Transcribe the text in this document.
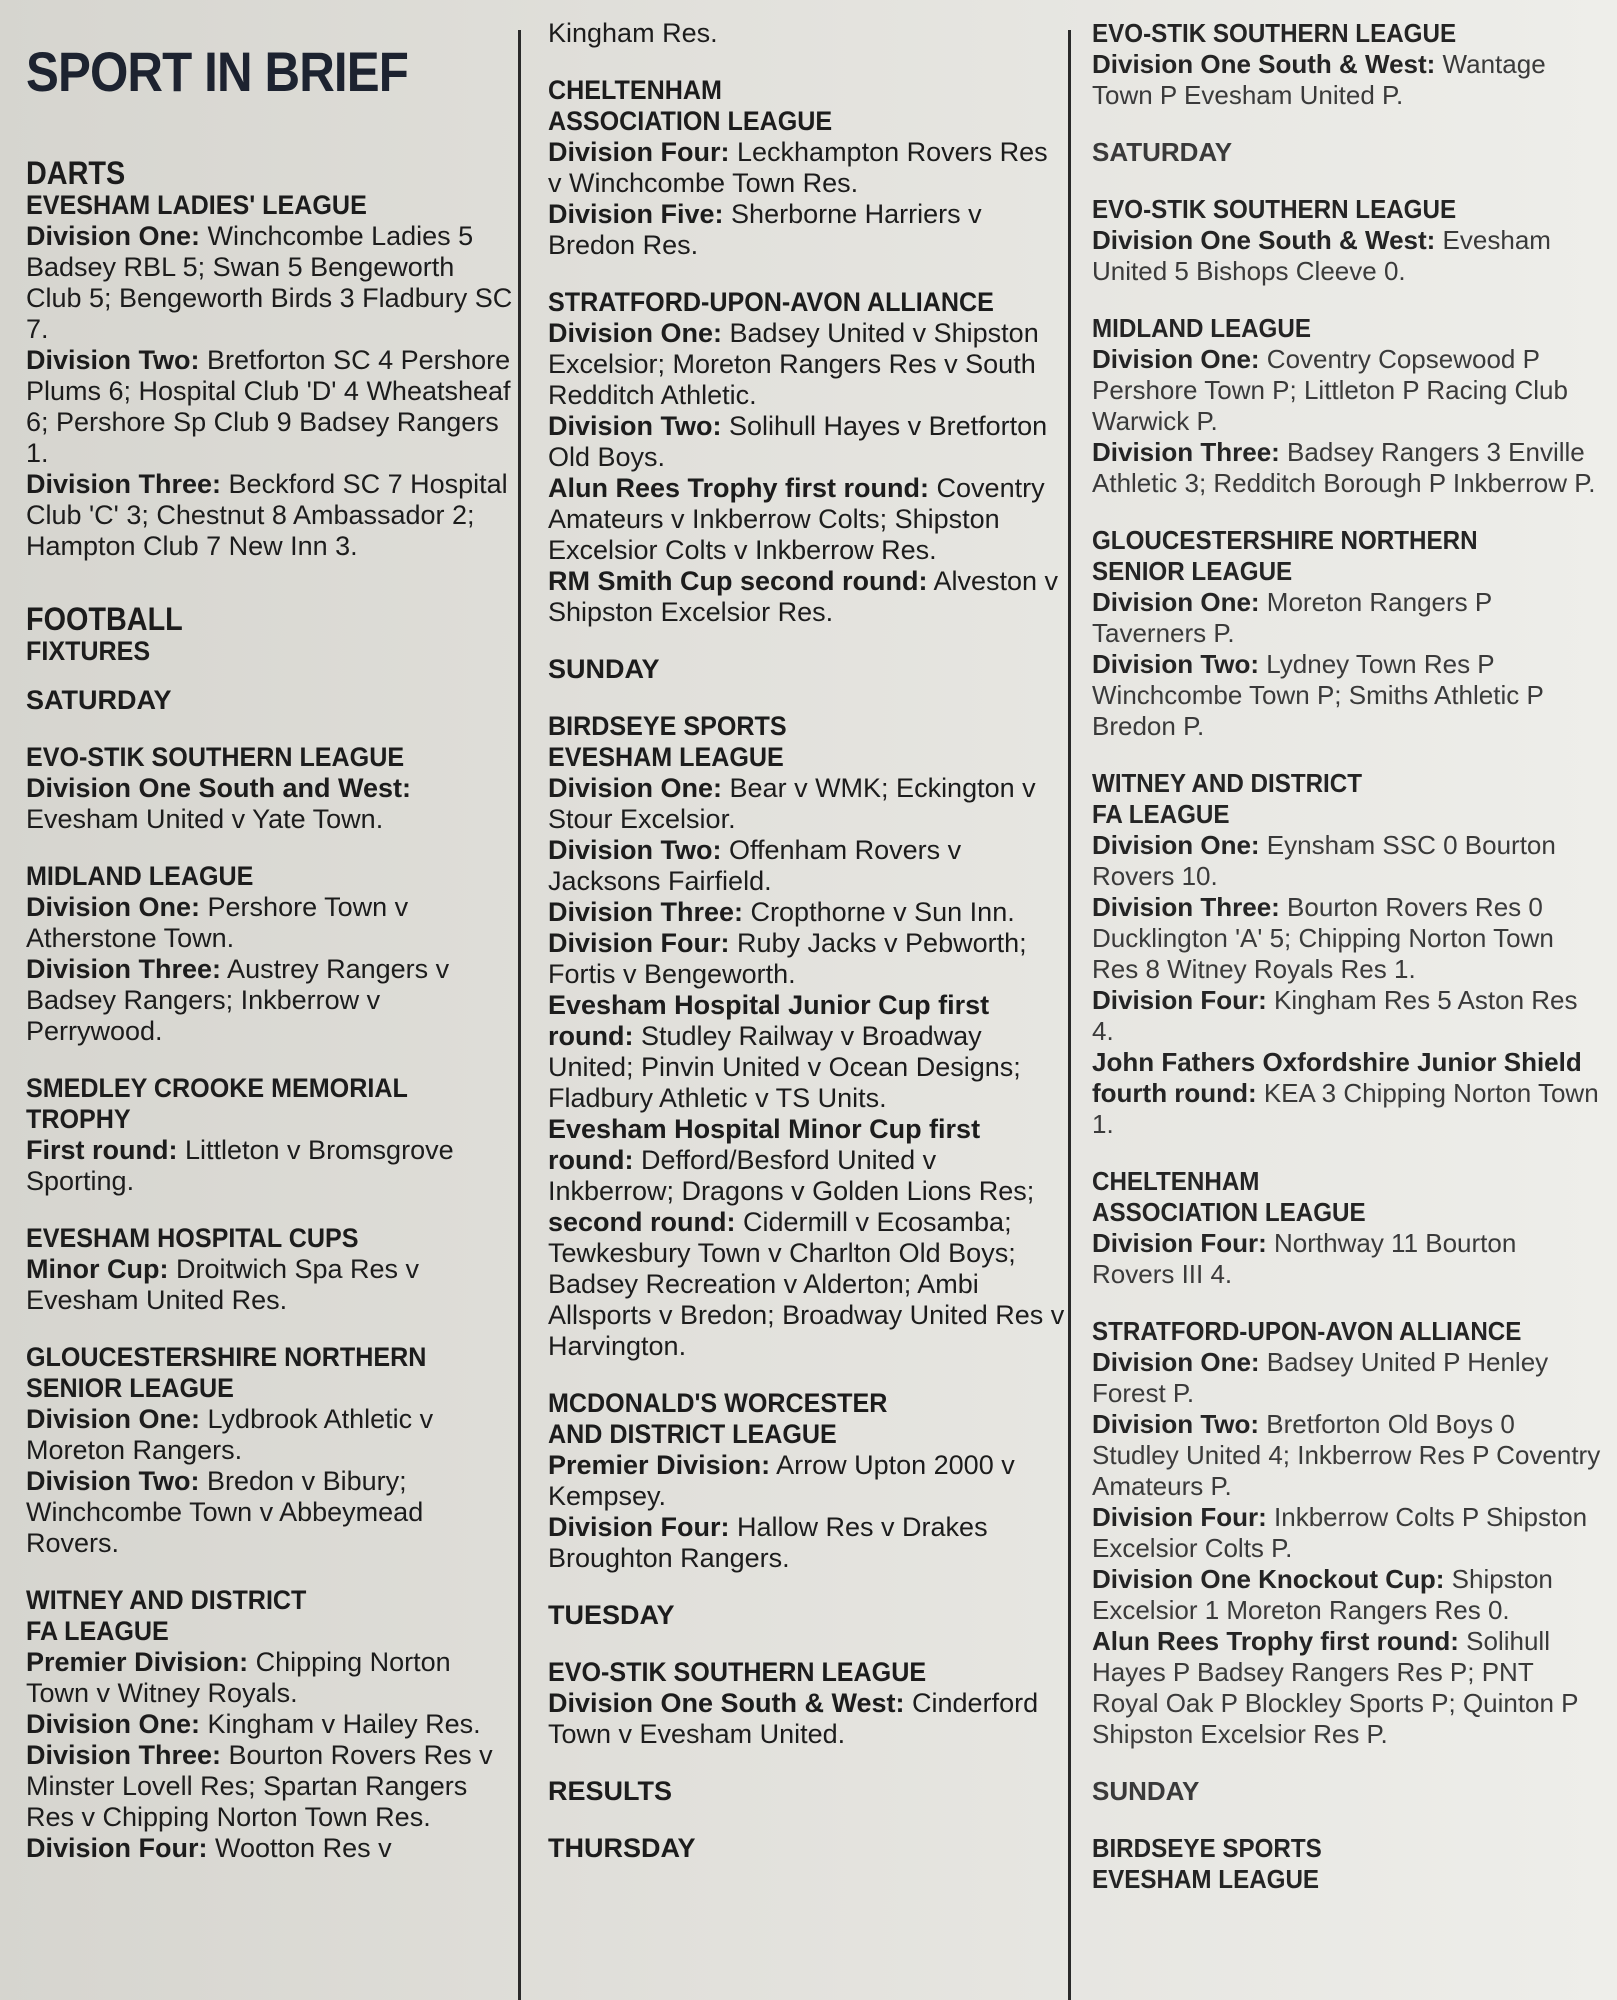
SPORT IN BRIEF
DARTS
EVESHAM LADIES' LEAGUE

Division One: Winchcombe Ladies 5 Badsey RBL 5; Swan 5 Bengeworth Club 5; Bengeworth Birds 3 Fladbury SC 7.

Division Two: Bretforton SC 4 Pershore Plums 6; Hospital Club 'D' 4 Wheatsheaf 6; Pershore Sp Club 9 Badsey Rangers 1.

Division Three: Beckford SC 7 Hospital Club 'C' 3; Chestnut 8 Ambassador 2; Hampton Club 7 New Inn 3.

FOOTBALL
FIXTURES
SATURDAY
EVO-STIK SOUTHERN LEAGUE

Division One South and West: Evesham United v Yate Town.

MIDLAND LEAGUE

Division One: Pershore Town v Atherstone Town.

Division Three: Austrey Rangers v Badsey Rangers; Inkberrow v Perrywood.

SMEDLEY CROOKE MEMORIAL
TROPHY

First round: Littleton v Bromsgrove Sporting.

EVESHAM HOSPITAL CUPS

Minor Cup: Droitwich Spa Res v Evesham United Res.

GLOUCESTERSHIRE NORTHERN
SENIOR LEAGUE

Division One: Lydbrook Athletic v Moreton Rangers.

Division Two: Bredon v Bibury; Winchcombe Town v Abbeymead Rovers.

WITNEY AND DISTRICT
FA LEAGUE

Premier Division: Chipping Norton Town v Witney Royals.

Division One: Kingham v Hailey Res.

Division Three: Bourton Rovers Res v Minster Lovell Res; Spartan Rangers Res v Chipping Norton Town Res.

Division Four: Wootton Res v

Kingham Res.

CHELTENHAM
ASSOCIATION LEAGUE

Division Four: Leckhampton Rovers Res v Winchcombe Town Res.

Division Five: Sherborne Harriers v Bredon Res.

STRATFORD-UPON-AVON ALLIANCE

Division One: Badsey United v Shipston Excelsior; Moreton Rangers Res v South Redditch Athletic.

Division Two: Solihull Hayes v Bretforton Old Boys.

Alun Rees Trophy first round: Coventry Amateurs v Inkberrow Colts; Shipston Excelsior Colts v Inkberrow Res.

RM Smith Cup second round: Alveston v Shipston Excelsior Res.

SUNDAY
BIRDSEYE SPORTS
EVESHAM LEAGUE

Division One: Bear v WMK; Eckington v Stour Excelsior.

Division Two: Offenham Rovers v Jacksons Fairfield.

Division Three: Cropthorne v Sun Inn.

Division Four: Ruby Jacks v Pebworth; Fortis v Bengeworth.

Evesham Hospital Junior Cup first round: Studley Railway v Broadway United; Pinvin United v Ocean Designs; Fladbury Athletic v TS Units.

Evesham Hospital Minor Cup first round: Defford/Besford United v Inkberrow; Dragons v Golden Lions Res;

second round: Cidermill v Ecosamba; Tewkesbury Town v Charlton Old Boys; Badsey Recreation v Alderton; Ambi Allsports v Bredon; Broadway United Res v Harvington.

MCDONALD'S WORCESTER
AND DISTRICT LEAGUE

Premier Division: Arrow Upton 2000 v Kempsey.

Division Four: Hallow Res v Drakes Broughton Rangers.

TUESDAY
EVO-STIK SOUTHERN LEAGUE

Division One South & West: Cinderford Town v Evesham United.

RESULTS
THURSDAY
EVO-STIK SOUTHERN LEAGUE

Division One South & West: Wantage Town P Evesham United P.

SATURDAY
EVO-STIK SOUTHERN LEAGUE

Division One South & West: Evesham United 5 Bishops Cleeve 0.

MIDLAND LEAGUE

Division One: Coventry Copsewood P Pershore Town P; Littleton P Racing Club Warwick P.

Division Three: Badsey Rangers 3 Enville Athletic 3; Redditch Borough P Inkberrow P.

GLOUCESTERSHIRE NORTHERN
SENIOR LEAGUE

Division One: Moreton Rangers P Taverners P.

Division Two: Lydney Town Res P Winchcombe Town P; Smiths Athletic P Bredon P.

WITNEY AND DISTRICT
FA LEAGUE

Division One: Eynsham SSC 0 Bourton Rovers 10.

Division Three: Bourton Rovers Res 0 Ducklington 'A' 5; Chipping Norton Town Res 8 Witney Royals Res 1.

Division Four: Kingham Res 5 Aston Res 4.

John Fathers Oxfordshire Junior Shield fourth round: KEA 3 Chipping Norton Town 1.

CHELTENHAM
ASSOCIATION LEAGUE

Division Four: Northway 11 Bourton Rovers III 4.

STRATFORD-UPON-AVON ALLIANCE

Division One: Badsey United P Henley Forest P.

Division Two: Bretforton Old Boys 0 Studley United 4; Inkberrow Res P Coventry Amateurs P.

Division Four: Inkberrow Colts P Shipston Excelsior Colts P.

Division One Knockout Cup: Shipston Excelsior 1 Moreton Rangers Res 0.

Alun Rees Trophy first round: Solihull Hayes P Badsey Rangers Res P; PNT Royal Oak P Blockley Sports P; Quinton P Shipston Excelsior Res P.

SUNDAY
BIRDSEYE SPORTS
EVESHAM LEAGUE
